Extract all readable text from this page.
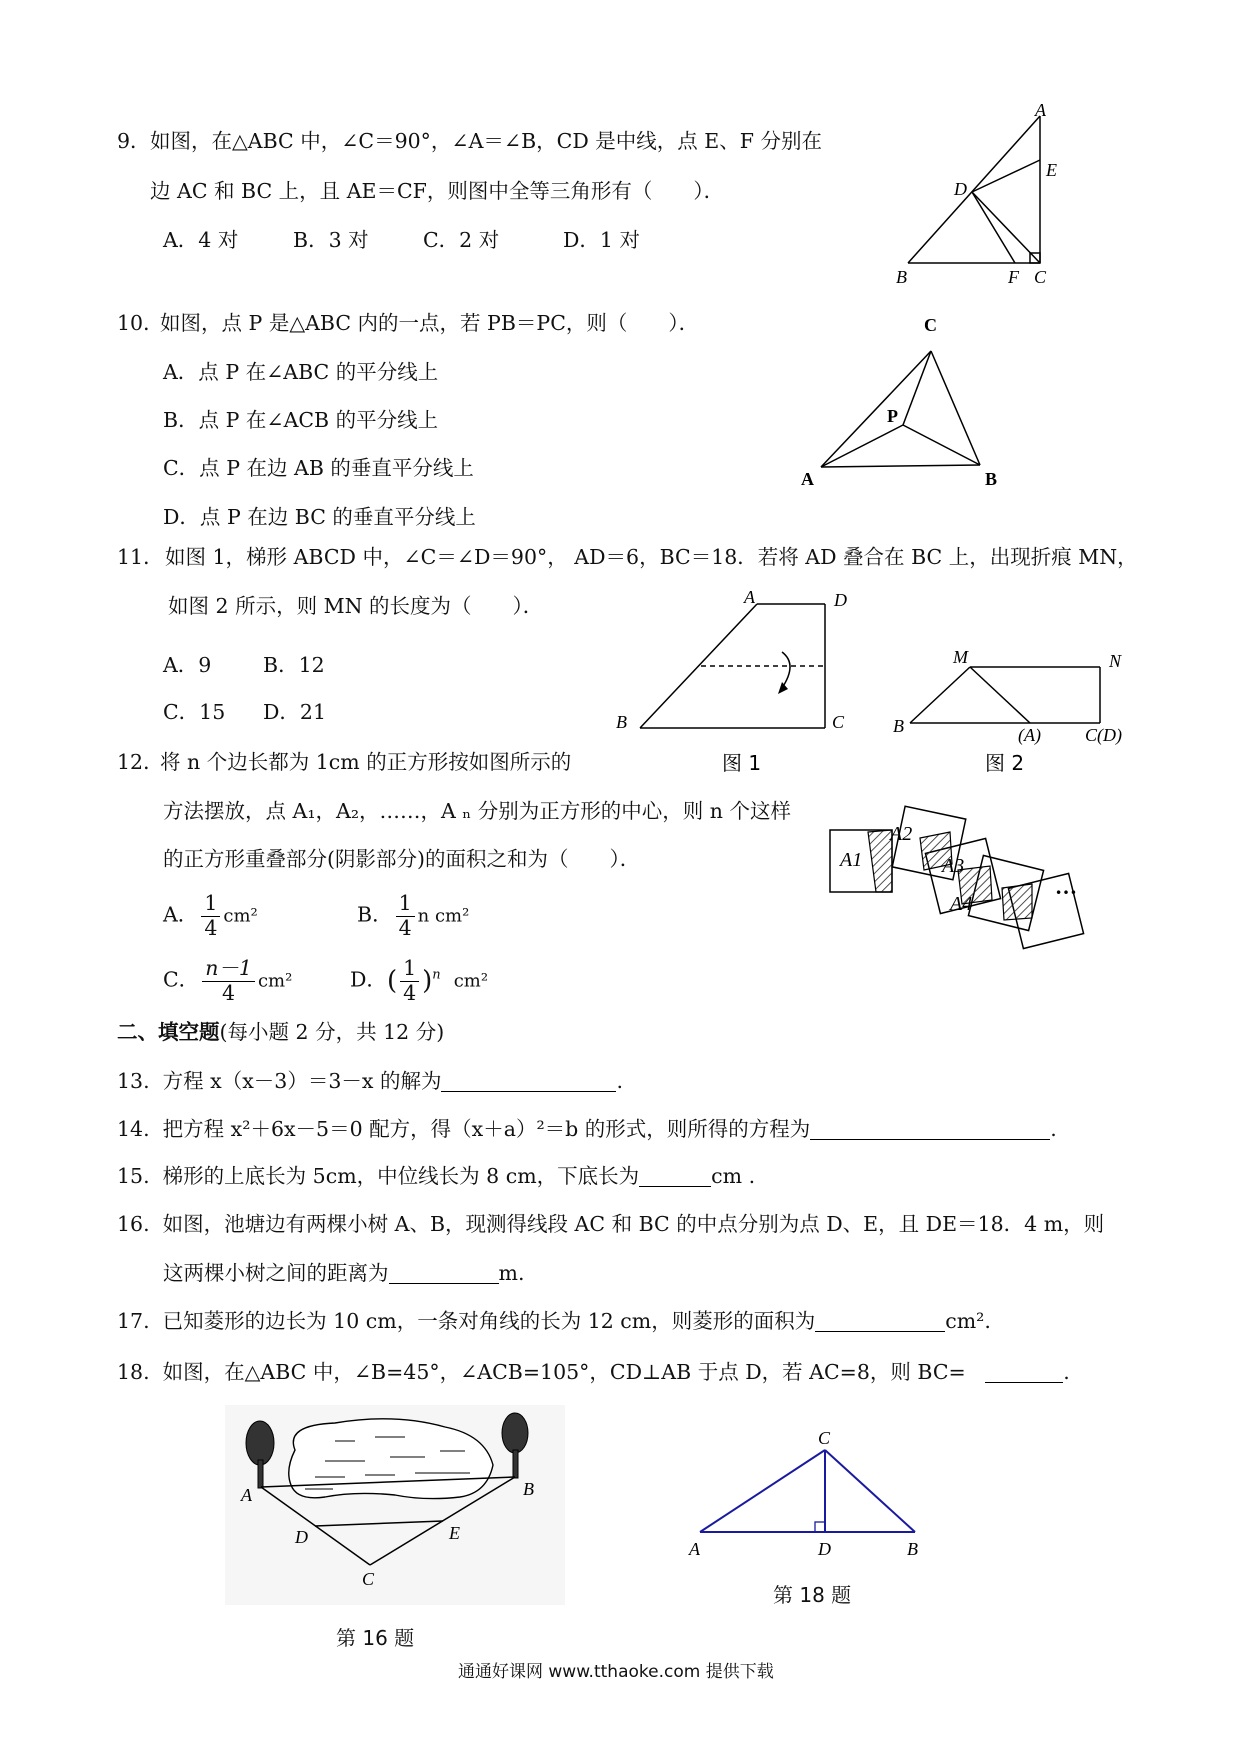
9． 如图，在△ABC 中，∠C＝90°，∠A＝∠B，CD 是中线，点 E、F 分别在
边 AC 和 BC 上，且 AE＝CF，则图中全等三角形有（　　）．
A．4 对	B．3 对	C．2 对	D．1 对
A
E
D
B	F C
10．
如图，点 P 是△ABC 内的一点，若 PB＝PC，则（　　）．
A．点 P 在∠ABC 的平分线上
B．点 P 在∠ACB 的平分线上
C．点 P 在边 AB 的垂直平分线上
D．点 P 在边 BC 的垂直平分线上
C
P
A	B
11． 如图 1，梯形 ABCD 中，∠C＝∠D＝90°， AD＝6，BC＝18．若将 AD 叠合在 BC 上，出现折痕 MN，
如图 2 所示，则 MN 的长度为（　　）．
A．9	B．12
C．15 D．21
A	D
B	C
图 1
M	N
B	(A) C(D)
图 2
12．
将 n 个边长都为 1cm 的正方形按如图所示的
方法摆放，点 A₁，A₂，……，A ₙ 分别为正方形的中心，则 n 个这样
的正方形重叠部分(阴影部分)的面积之和为（　　）．
A． $\frac{1}{4} cm^2$	B． $\frac{1}{4}$ n cm²
C． $\frac{n-1}{4} cm^2$	D．( $\frac{1}{4} )^n$ cm²
A1
A2
A3
A4
…
二、填空题(每小题 2 分，共 12 分)
13. 方程 x（x－3）＝3－x 的解为	.
14. 把方程 x²＋6x－5＝0 配方，得（x＋a）²＝b 的形式，则所得的方程为	.
15. 梯形的上底长为 5cm，中位线长为 8 cm，下底长为	cm .
16. 如图，池塘边有两棵小树 A、B，现测得线段 AC 和 BC 的中点分别为点 D、E，且 DE＝18．4 m，则
这两棵小树之间的距离为	m.
17. 已知菱形的边长为 10 cm，一条对角线的长为 12 cm，则菱形的面积为	cm².
18. 如图，在△ABC 中，∠B=45°，∠ACB=105°，CD⊥AB 于点 D，若 AC=8，则 BC=	.
A	B
D	E
C
第 16 题
C
A	D	B
第 18 题
通通好课网 www.tthaoke.com 提供下载
